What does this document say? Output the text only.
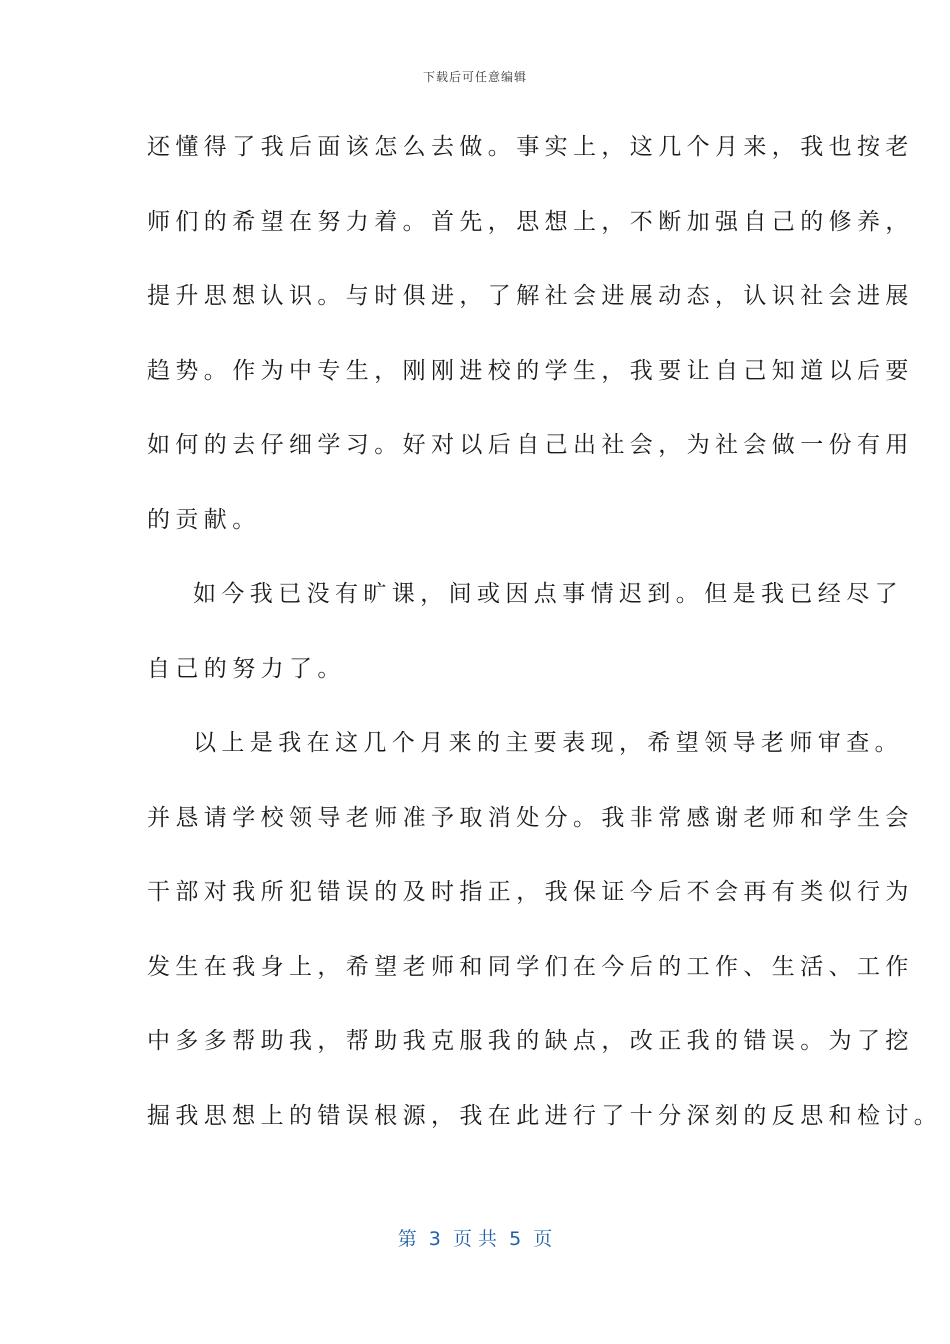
下载后可任意编辑
还懂得了我后面该怎么去做。事实上，这几个月来，我也按老
师们的希望在努力着。首先，思想上，不断加强自己的修养，
提升思想认识。与时俱进，了解社会进展动态，认识社会进展
趋势。作为中专生，刚刚进校的学生，我要让自己知道以后要
如何的去仔细学习。好对以后自己出社会，为社会做一份有用
的贡献。
如今我已没有旷课，间或因点事情迟到。但是我已经尽了
自己的努力了。
以上是我在这几个月来的主要表现，希望领导老师审查。
并恳请学校领导老师准予取消处分。我非常感谢老师和学生会
干部对我所犯错误的及时指正，我保证今后不会再有类似行为
发生在我身上，希望老师和同学们在今后的工作、生活、工作
中多多帮助我，帮助我克服我的缺点，改正我的错误。为了挖
掘我思想上的错误根源，我在此进行了十分深刻的反思和检讨。
第  3  页 共  5  页
